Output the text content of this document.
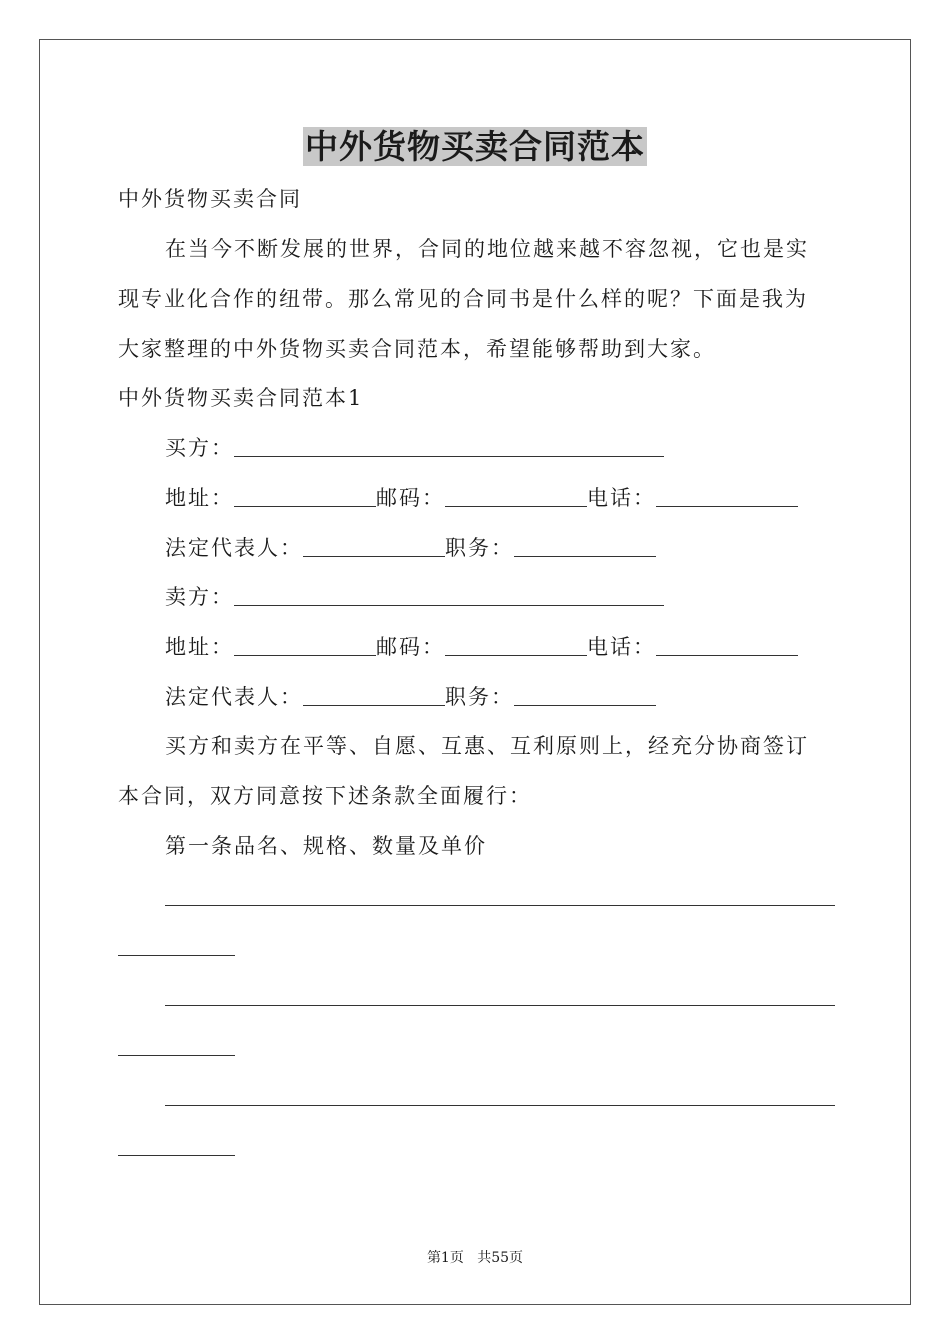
中外货物买卖合同范本
中外货物买卖合同
在当今不断发展的世界，合同的地位越来越不容忽视，它也是实
现专业化合作的纽带。那么常见的合同书是什么样的呢？下面是我为
大家整理的中外货物买卖合同范本，希望能够帮助到大家。
中外货物买卖合同范本1
买方：
地址：	邮码：	电话：
法定代表人：	职务：
卖方：
地址：	邮码：	电话：
法定代表人：	职务：
买方和卖方在平等、自愿、互惠、互利原则上，经充分协商签订
本合同，双方同意按下述条款全面履行：
第一条品名、规格、数量及单价
第1页 共55页
